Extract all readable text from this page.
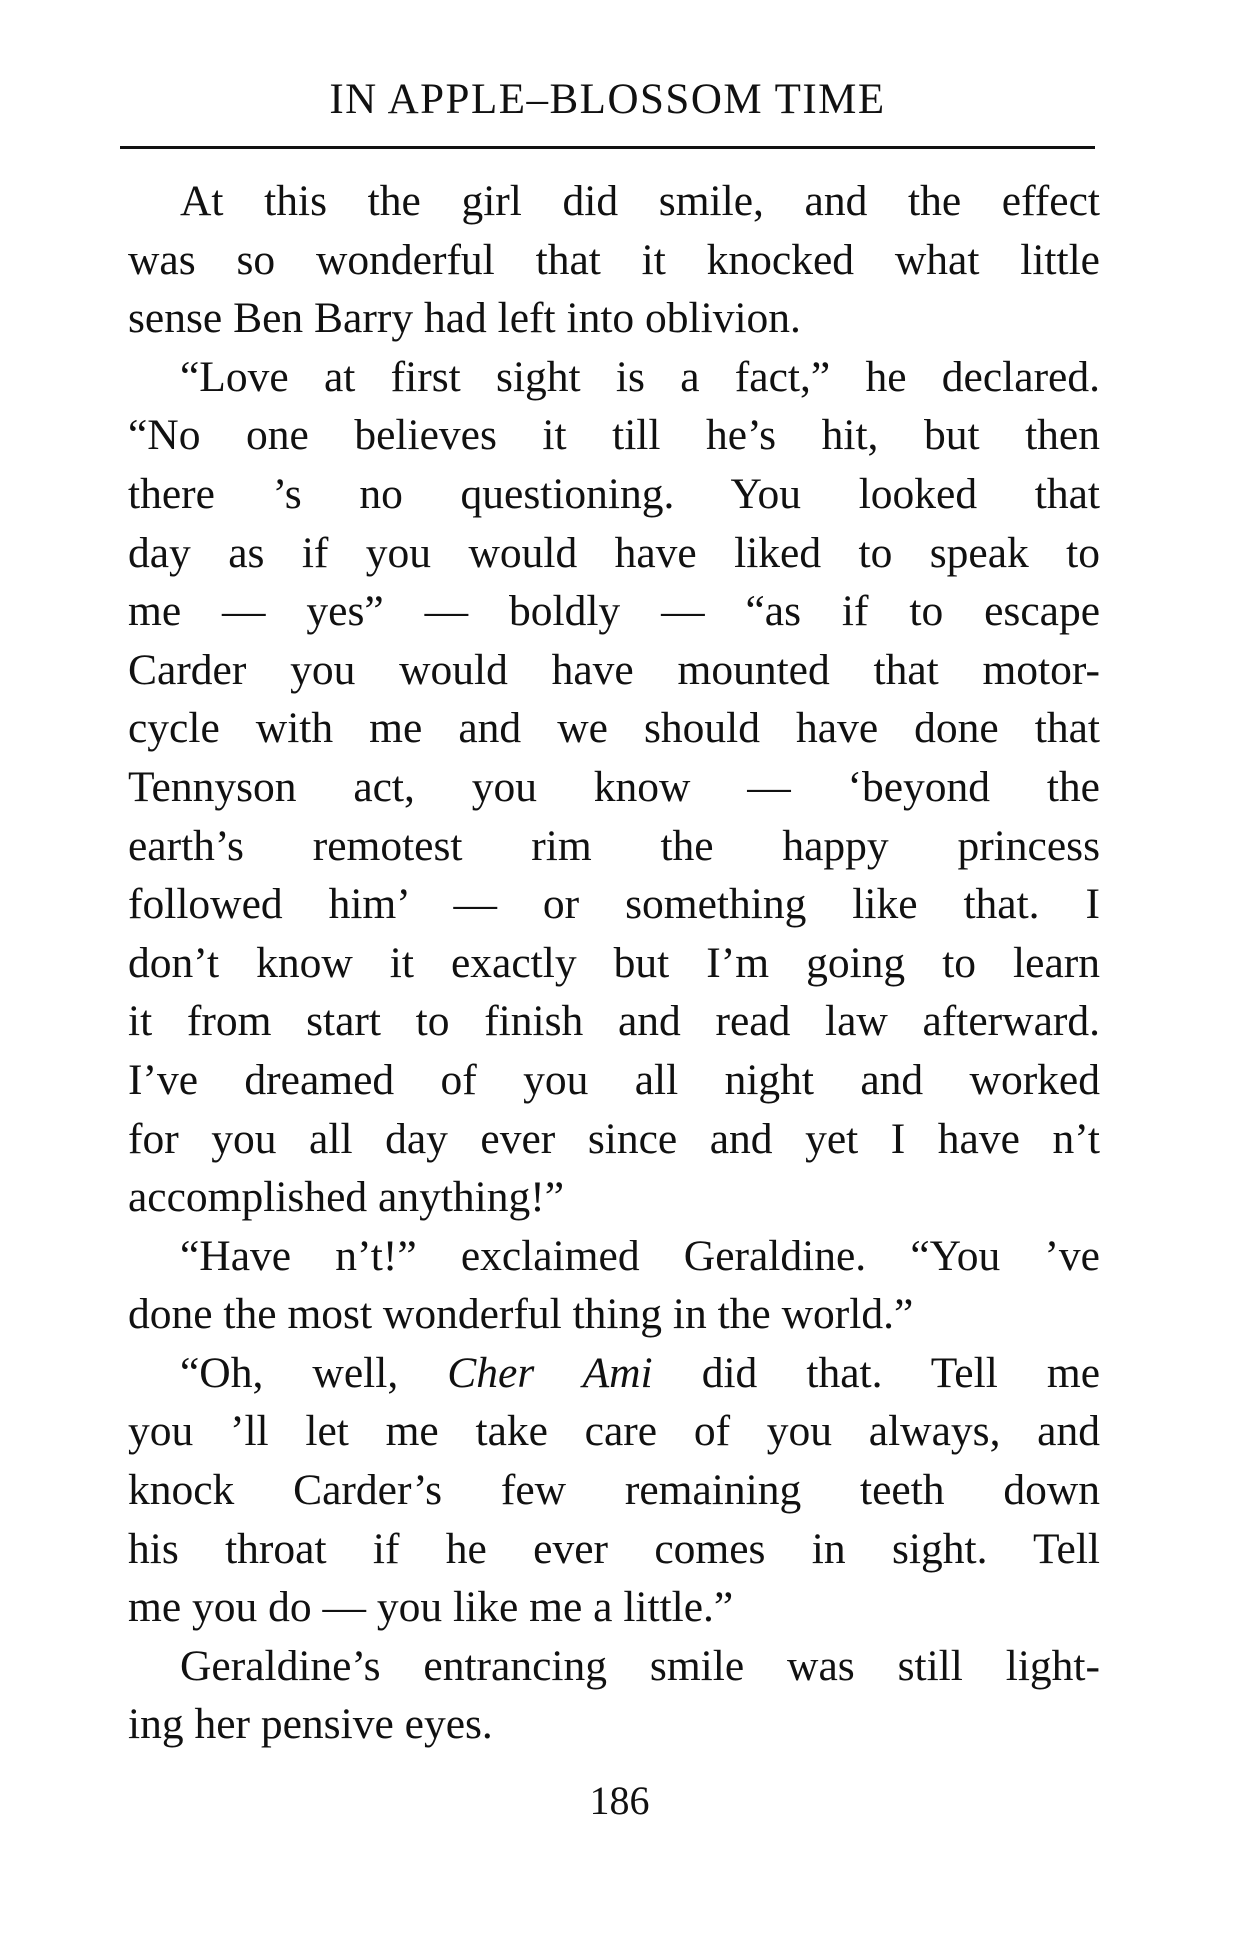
IN APPLE–BLOSSOM TIME
At this the girl did smile, and the effect
was so wonderful that it knocked what little
sense Ben Barry had left into oblivion.
“Love at first sight is a fact,” he declared.
“No one believes it till he’s hit, but then
there ’s no questioning. You looked that
day as if you would have liked to speak to
me — yes” — boldly — “as if to escape
Carder you would have mounted that motor-
cycle with me and we should have done that
Tennyson act, you know — ‘beyond the
earth’s remotest rim the happy princess
followed him’ — or something like that. I
don’t know it exactly but I’m going to learn
it from start to finish and read law afterward.
I’ve dreamed of you all night and worked
for you all day ever since and yet I have n’t
accomplished anything!”
“Have n’t!” exclaimed Geraldine. “You ’ve
done the most wonderful thing in the world.”
“Oh, well, Cher Ami did that. Tell me
you ’ll let me take care of you always, and
knock Carder’s few remaining teeth down
his throat if he ever comes in sight. Tell
me you do — you like me a little.”
Geraldine’s entrancing smile was still light-
ing her pensive eyes.
186
